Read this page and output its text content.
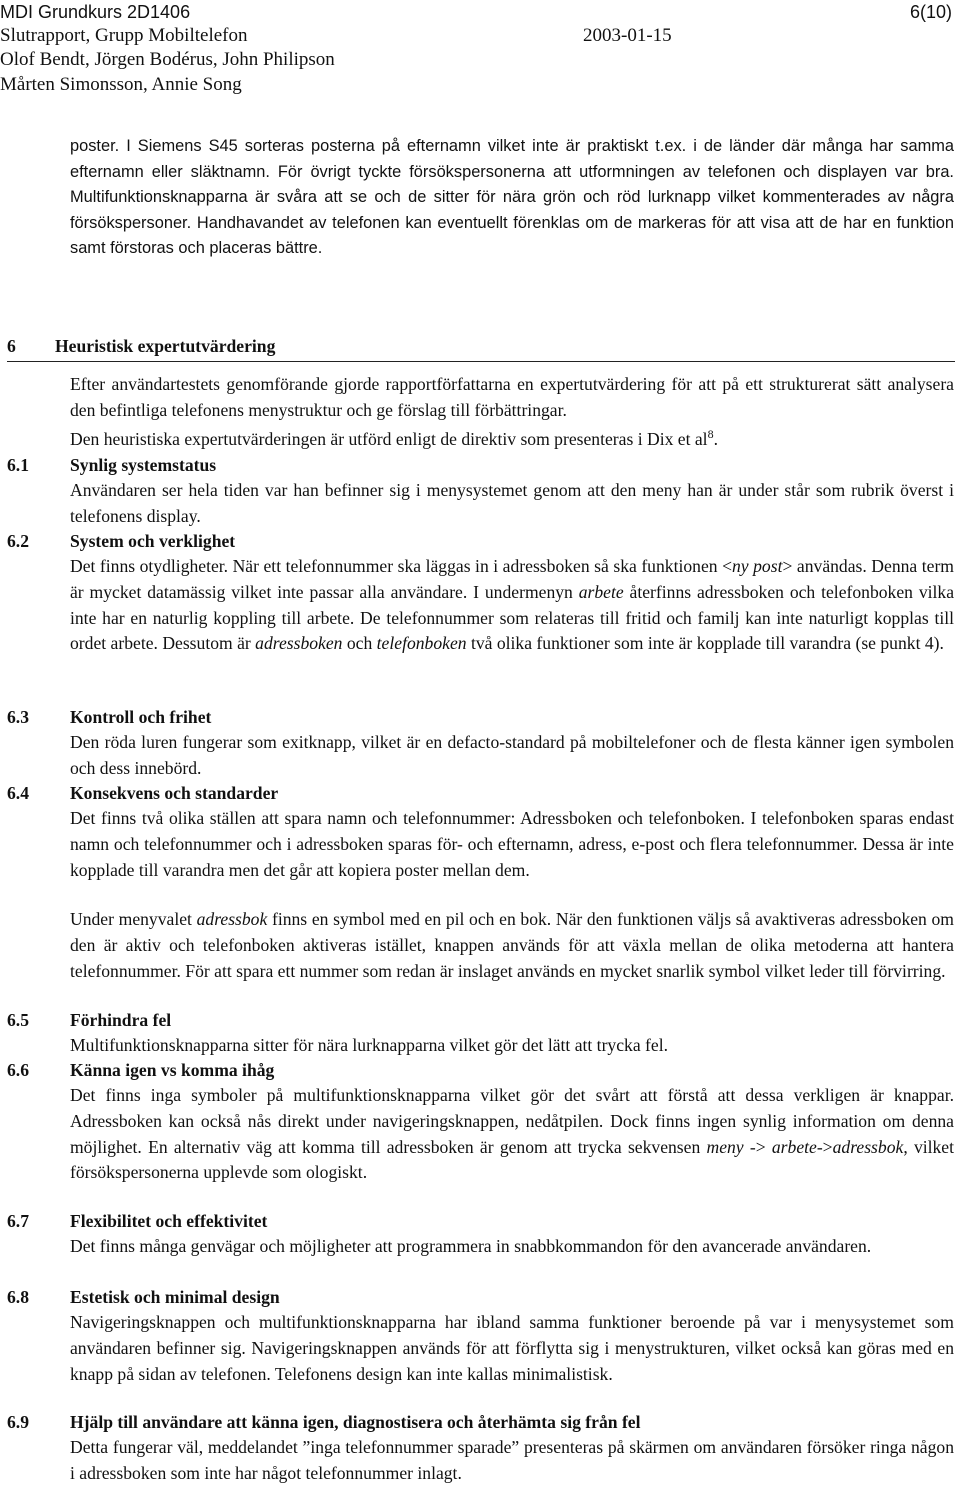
MDI Grundkurs 2D1406	6(10)
Slutrapport, Grupp Mobiltelefon	2003-01-15
Olof Bendt, Jörgen Bodérus, John Philipson
Mårten Simonsson, Annie Song

poster. I Siemens S45 sorteras posterna på efternamn vilket inte är praktiskt t.ex. i de länder där många har samma efternamn eller släktnamn. För övrigt tyckte försökspersonerna att utformningen av telefonen och displayen var bra. Multifunktionsknapparna är svåra att se och de sitter för nära grön och röd lurknapp vilket kommenterades av några försökspersoner. Handhavandet av telefonen kan eventuellt förenklas om de markeras för att visa att de har en funktion samt förstoras och placeras bättre.

6 Heuristisk expertutvärdering

Efter användartestets genomförande gjorde rapportförfattarna en expertutvärdering för att på ett strukturerat sätt analysera den befintliga telefonens menystruktur och ge förslag till förbättringar.

Den heuristiska expertutvärderingen är utförd enligt de direktiv som presenteras i Dix et $al^8$.

6.1 Synlig systemstatus

Användaren ser hela tiden var han befinner sig i menysystemet genom att den meny han är under står som rubrik överst i telefonens display.

6.2 System och verklighet

Det finns otydligheter. När ett telefonnummer ska läggas in i adressboken så ska funktionen <ny post> användas. Denna term är mycket datamässig vilket inte passar alla användare. I undermenyn arbete återfinns adressboken och telefonboken vilka inte har en naturlig koppling till arbete. De telefonnummer som relateras till fritid och familj kan inte naturligt kopplas till ordet arbete. Dessutom är adressboken och telefonboken två olika funktioner som inte är kopplade till varandra (se punkt 4).

6.3 Kontroll och frihet

Den röda luren fungerar som exitknapp, vilket är en defacto-standard på mobiltelefoner och de flesta känner igen symbolen och dess innebörd.

6.4 Konsekvens och standarder

Det finns två olika ställen att spara namn och telefonnummer: Adressboken och telefonboken. I telefonboken sparas endast namn och telefonnummer och i adressboken sparas för- och efternamn, adress, e-post och flera telefonnummer. Dessa är inte kopplade till varandra men det går att kopiera poster mellan dem.

Under menyvalet adressbok finns en symbol med en pil och en bok. När den funktionen väljs så avaktiveras adressboken om den är aktiv och telefonboken aktiveras istället, knappen används för att växla mellan de olika metoderna att hantera telefonnummer. För att spara ett nummer som redan är inslaget används en mycket snarlik symbol vilket leder till förvirring.

6.5 Förhindra fel

Multifunktionsknapparna sitter för nära lurknapparna vilket gör det lätt att trycka fel.

6.6 Känna igen vs komma ihåg

Det finns inga symboler på multifunktionsknapparna vilket gör det svårt att förstå att dessa verkligen är knappar. Adressboken kan också nås direkt under navigeringsknappen, nedåtpilen. Dock finns ingen synlig information om denna möjlighet. En alternativ väg att komma till adressboken är genom att trycka sekvensen meny -> arbete->adressbok, vilket försökspersonerna upplevde som ologiskt.

6.7 Flexibilitet och effektivitet

Det finns många genvägar och möjligheter att programmera in snabbkommandon för den avancerade användaren.

6.8 Estetisk och minimal design

Navigeringsknappen och multifunktionsknapparna har ibland samma funktioner beroende på var i menysystemet som användaren befinner sig. Navigeringsknappen används för att förflytta sig i menystrukturen, vilket också kan göras med en knapp på sidan av telefonen. Telefonens design kan inte kallas minimalistisk.

6.9 Hjälp till användare att känna igen, diagnostisera och återhämta sig från fel

Detta fungerar väl, meddelandet ”inga telefonnummer sparade” presenteras på skärmen om användaren försöker ringa någon i adressboken som inte har något telefonnummer inlagt.
